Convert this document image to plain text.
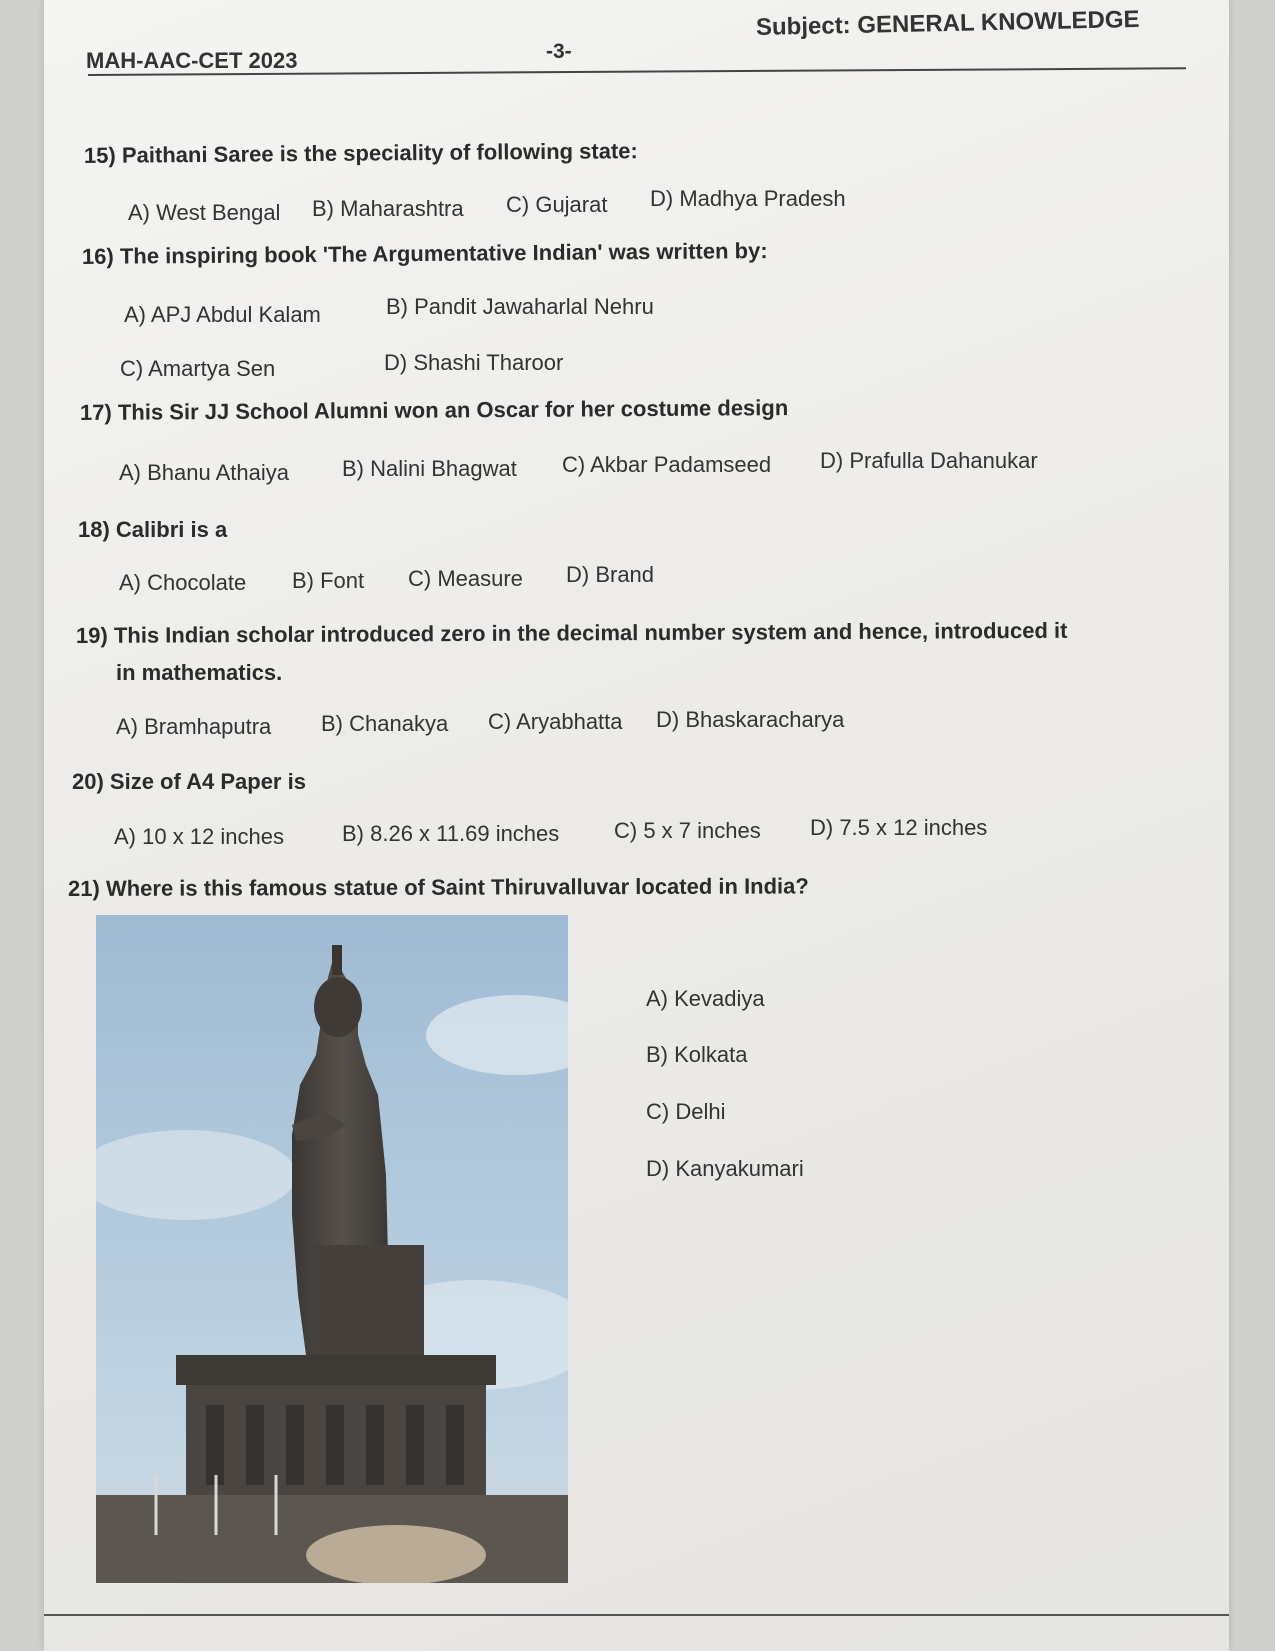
MAH-AAC-CET 2023	-3-
Subject: GENERAL KNOWLEDGE
15) Paithani Saree is the speciality of following state:
A) West Bengal B) Maharashtra C) Gujarat D) Madhya Pradesh
16) The inspiring book 'The Argumentative Indian' was written by:
A) APJ Abdul Kalam	B) Pandit Jawaharlal Nehru
C) Amartya Sen	D) Shashi Tharoor
17) This Sir JJ School Alumni won an Oscar for her costume design
A) Bhanu Athaiya B) Nalini Bhagwat C) Akbar Padamseed D) Prafulla Dahanukar
18) Calibri is a
A) Chocolate B) Font C) Measure D) Brand
19) This Indian scholar introduced zero in the decimal number system and hence, introduced it
in mathematics.
A) Bramhaputra B) Chanakya C) Aryabhatta D) Bhaskaracharya
20) Size of A4 Paper is
A) 10 x 12 inches	B) 8.26 x 11.69 inches C) 5 x 7 inches D) 7.5 x 12 inches
21) Where is this famous statue of Saint Thiruvalluvar located in India?
A) Kevadiya
B) Kolkata
C) Delhi
D) Kanyakumari
